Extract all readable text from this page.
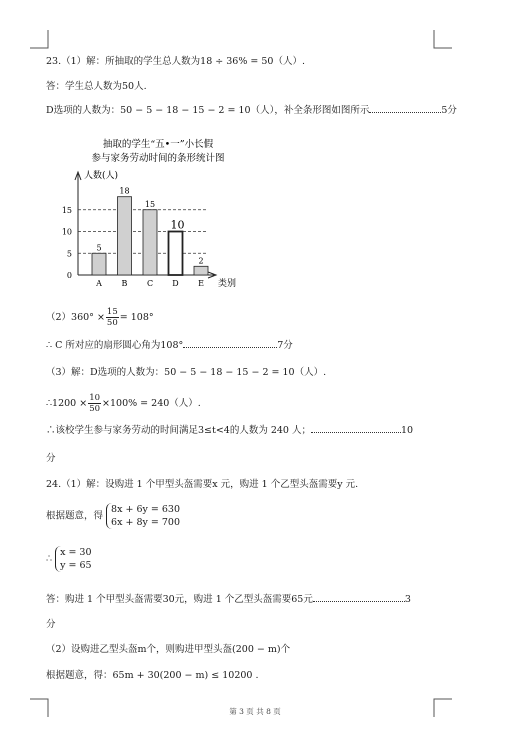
23.（1）解：所抽取的学生总人数为18 ÷ 36% = 50（人）.
答：学生总人数为50人.
D选项的人数为：50 − 5 − 18 − 15 − 2 = 10（人），补全条形图如图所示	5分
抽取的学生“五•一”小长假
参与家务劳动时间的条形统计图
人数(人)
类别
0
5
10
15
5
A
18
B
15
C
10
D
2
E
$(2)360^\circ \times \frac{15}{50} = 108^\circ$
∴ C 所对应的扇形圆心角为108°	7分
（3）解：D选项的人数为：50 − 5 − 18 − 15 − 2 = 10（人）.
∴1200 × $\frac{10}{50} \times 100\% = 240$（人）.
∴该校学生参与家务劳动的时间满足3≤t<4的人数为 240 人；	10
分
24.（1）解：设购进 1 个甲型头盔需要x 元，购进 1 个乙型头盔需要y 元.
根据题意，得
8x + 6y = 630
6x + 8y = 700
∴
x = 30
y = 65
答：购进 1 个甲型头盔需要30元，购进 1 个乙型头盔需要65元	3
分
（2）设购进乙型头盔m个，则购进甲型头盔(200 − m)个
根据题意，得：65m + 30(200 − m) ≤ 10200 .
第 3 页 共 8 页
